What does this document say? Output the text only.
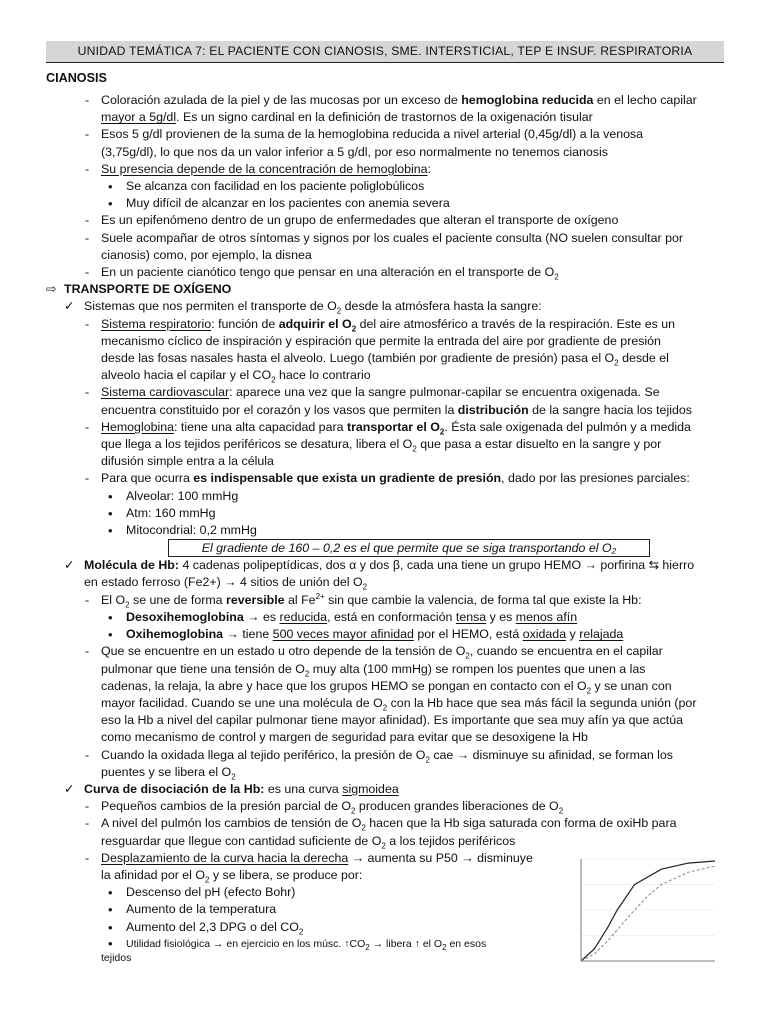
UNIDAD TEMÁTICA 7: EL PACIENTE CON CIANOSIS, SME. INTERSTICIAL, TEP E INSUF. RESPIRATORIA
CIANOSIS
- Coloración azulada de la piel y de las mucosas por un exceso de hemoglobina reducida en el lecho capilar
mayor a 5g/dl. Es un signo cardinal en la definición de trastornos de la oxigenación tisular
- Esos 5 g/dl provienen de la suma de la hemoglobina reducida a nivel arterial (0,45g/dl) a la venosa
(3,75g/dl), lo que nos da un valor inferior a 5 g/dl, por eso normalmente no tenemos cianosis
- Su presencia depende de la concentración de hemoglobina:
• Se alcanza con facilidad en los paciente poliglobúlicos
• Muy difícil de alcanzar en los pacientes con anemia severa
- Es un epifenómeno dentro de un grupo de enfermedades que alteran el transporte de oxígeno
- Suele acompañar de otros síntomas y signos por los cuales el paciente consulta (NO suelen consultar por
cianosis) como, por ejemplo, la disnea
- En un paciente cianótico tengo que pensar en una alteración en el transporte de $O_2$
⇨ TRANSPORTE DE OXÍGENO
✓ Sistemas que nos permiten el transporte de $O_2$ desde la atmósfera hasta la sangre:
- Sistema respiratorio: función de adquirir el $O_2$ del aire atmosférico a través de la respiración. Este es un
mecanismo cíclico de inspiración y espiración que permite la entrada del aire por gradiente de presión
desde las fosas nasales hasta el alveolo. Luego (también por gradiente de presión) pasa el $O_2$ desde el
alveolo hacia el capilar y el $CO_2$ hace lo contrario
- Sistema cardiovascular: aparece una vez que la sangre pulmonar-capilar se encuentra oxigenada. Se
encuentra constituido por el corazón y los vasos que permiten la distribución de la sangre hacia los tejidos
- Hemoglobina: tiene una alta capacidad para transportar el $O_2$. Ésta sale oxigenada del pulmón y a medida
que llega a los tejidos periféricos se desatura, libera el $O_2$ que pasa a estar disuelto en la sangre y por
difusión simple entra a la célula
- Para que ocurra es indispensable que exista un gradiente de presión, dado por las presiones parciales:
• Alveolar: 100 mmHg
• Atm: 160 mmHg
• Mitocondrial: 0,2 mmHg
El gradiente de 160 – 0,2 es el que permite que se siga transportando el O₂
✓ Molécula de Hb: 4 cadenas polipeptídicas, dos α y dos β, cada una tiene un grupo HEMO → porfirina ⇆ hierro
en estado ferroso (Fe2+) → 4 sitios de unión del $O_2$
- El $O_2$ se une de forma reversible al $Fe^{2+}$ sin que cambie la valencia, de forma tal que existe la Hb:
• Desoxihemoglobina → es reducida, está en conformación tensa y es menos afín
• Oxihemoglobina → tiene 500 veces mayor afinidad por el HEMO, está oxidada y relajada
- Que se encuentre en un estado u otro depende de la tensión de $O_2$, cuando se encuentra en el capilar
pulmonar que tiene una tensión de $O_2$ muy alta (100 mmHg) se rompen los puentes que unen a las
cadenas, la relaja, la abre y hace que los grupos HEMO se pongan en contacto con el $O_2$ y se unan con
mayor facilidad. Cuando se une una molécula de $O_2$ con la Hb hace que sea más fácil la segunda unión (por
eso la Hb a nivel del capilar pulmonar tiene mayor afinidad). Es importante que sea muy afín ya que actúa
como mecanismo de control y margen de seguridad para evitar que se desoxigene la Hb
- Cuando la oxidada llega al tejido periférico, la presión de $O_2$ cae → disminuye su afinidad, se forman los
puentes y se libera el $O_2$
✓ Curva de disociación de la Hb: es una curva sigmoidea
- Pequeños cambios de la presión parcial de $O_2$ producen grandes liberaciones de $O_2$
- A nivel del pulmón los cambios de tensión de $O_2$ hacen que la Hb siga saturada con forma de oxiHb para
resguardar que llegue con cantidad suficiente de $O_2$ a los tejidos periféricos
- Desplazamiento de la curva hacia la derecha → aumenta su P50 → disminuye
la afinidad por el $O_2$ y se libera, se produce por:
• Descenso del pH (efecto Bohr)
• Aumento de la temperatura
• Aumento del 2,3 DPG o del $CO_2$
• Utilidad fisiológica → en ejercicio en los músc. $↑CO_2$ → libera ↑ el $O_2$ en esos
tejidos
